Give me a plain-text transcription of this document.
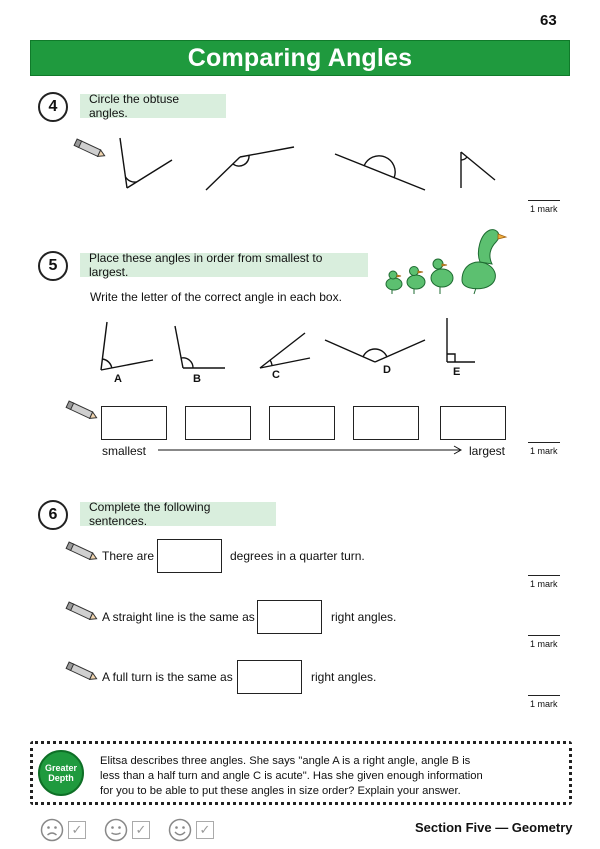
63
Comparing Angles
4	Circle the obtuse angles.
1 mark
5	Place these angles in order from smallest to largest.
Write the letter of the correct angle in each box.
A	B	C	D	E
smallest	largest	1 mark
6	Complete the following sentences.
There are	degrees in a quarter turn.
1 mark
A straight line is the same as	right angles.
1 mark
A full turn is the same as	right angles.
1 mark
Greater
Depth
Elitsa describes three angles. She says "angle A is a right angle, angle B is
less than a half turn and angle C is acute". Has she given enough information
for you to be able to put these angles in size order? Explain your answer.
✓	✓	✓	Section Five — Geometry
